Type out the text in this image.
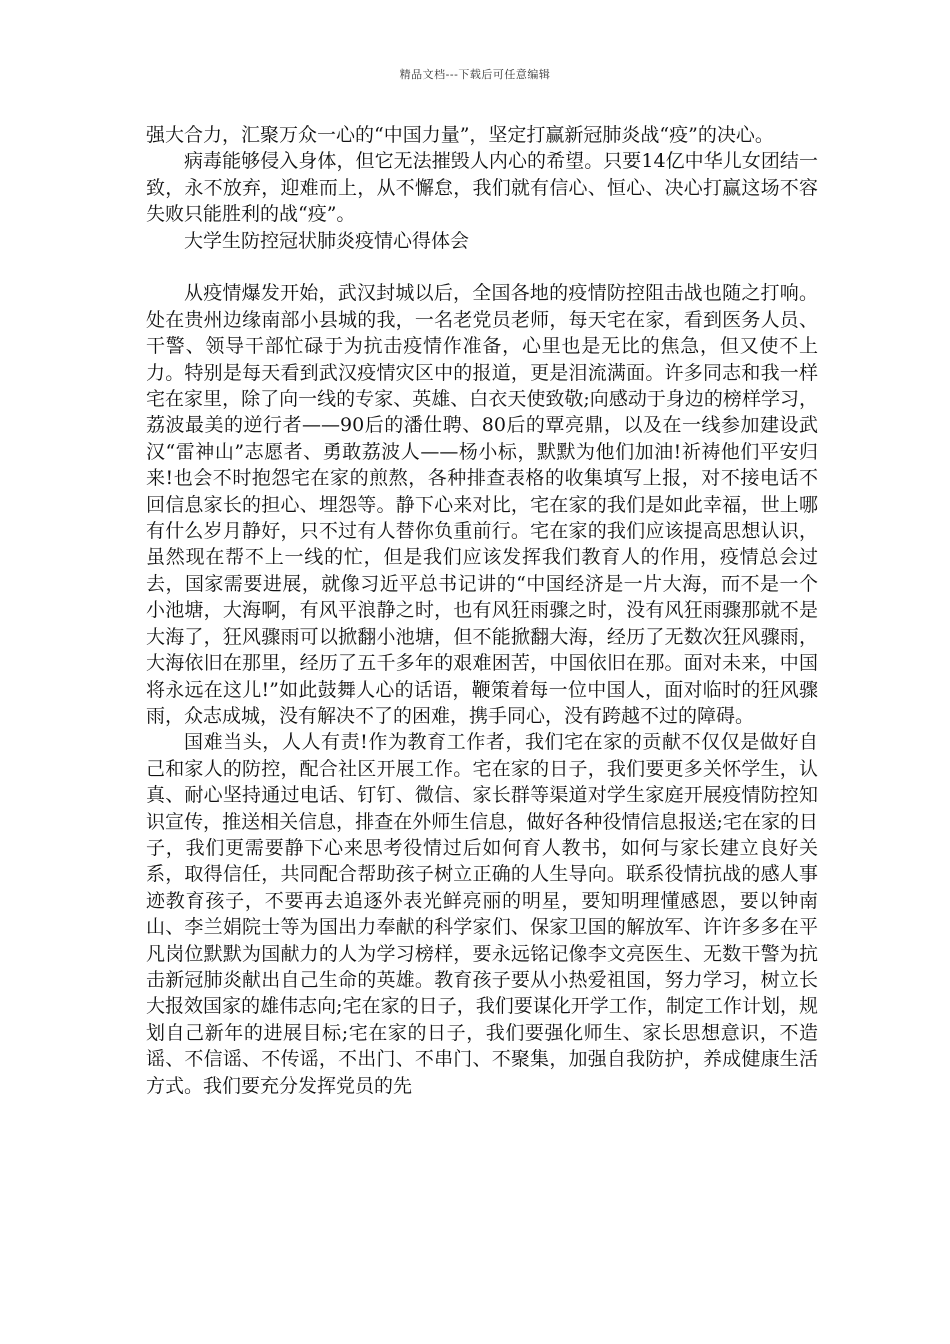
精品文档---下载后可任意编辑

强大合力，汇聚万众一心的“中国力量”，坚定打赢新冠肺炎战“疫”的决心。

病毒能够侵入身体，但它无法摧毁人内心的希望。只要14亿中华儿女团结一致，永不放弃，迎难而上，从不懈怠，我们就有信心、恒心、决心打赢这场不容失败只能胜利的战“疫”。

大学生防控冠状肺炎疫情心得体会

从疫情爆发开始，武汉封城以后，全国各地的疫情防控阻击战也随之打响。处在贵州边缘南部小县城的我，一名老党员老师，每天宅在家，看到医务人员、干警、领导干部忙碌于为抗击疫情作准备，心里也是无比的焦急，但又使不上力。特别是每天看到武汉疫情灾区中的报道，更是泪流满面。许多同志和我一样宅在家里，除了向一线的专家、英雄、白衣天使致敬;向感动于身边的榜样学习，荔波最美的逆行者——90后的潘仕聘、80后的覃亮鼎，以及在一线参加建设武汉“雷神山”志愿者、勇敢荔波人——杨小标，默默为他们加油!祈祷他们平安归来!也会不时抱怨宅在家的煎熬，各种排查表格的收集填写上报，对不接电话不回信息家长的担心、埋怨等。静下心来对比，宅在家的我们是如此幸福，世上哪有什么岁月静好，只不过有人替你负重前行。宅在家的我们应该提高思想认识，虽然现在帮不上一线的忙，但是我们应该发挥我们教育人的作用，疫情总会过去，国家需要进展，就像习近平总书记讲的“中国经济是一片大海，而不是一个小池塘，大海啊，有风平浪静之时，也有风狂雨骤之时，没有风狂雨骤那就不是大海了，狂风骤雨可以掀翻小池塘，但不能掀翻大海，经历了无数次狂风骤雨，大海依旧在那里，经历了五千多年的艰难困苦，中国依旧在那。面对未来，中国将永远在这儿!”如此鼓舞人心的话语，鞭策着每一位中国人，面对临时的狂风骤雨，众志成城，没有解决不了的困难，携手同心，没有跨越不过的障碍。

国难当头，人人有责!作为教育工作者，我们宅在家的贡献不仅仅是做好自己和家人的防控，配合社区开展工作。宅在家的日子，我们要更多关怀学生，认真、耐心坚持通过电话、钉钉、微信、家长群等渠道对学生家庭开展疫情防控知识宣传，推送相关信息，排查在外师生信息，做好各种役情信息报送;宅在家的日子，我们更需要静下心来思考役情过后如何育人教书，如何与家长建立良好关系，取得信任，共同配合帮助孩子树立正确的人生导向。联系役情抗战的感人事迹教育孩子，不要再去追逐外表光鲜亮丽的明星，要知明理懂感恩，要以钟南山、李兰娟院士等为国出力奉献的科学家们、保家卫国的解放军、许许多多在平凡岗位默默为国献力的人为学习榜样，要永远铭记像李文亮医生、无数干警为抗击新冠肺炎献出自己生命的英雄。教育孩子要从小热爱祖国，努力学习，树立长大报效国家的雄伟志向;宅在家的日子，我们要谋化开学工作，制定工作计划，规划自己新年的进展目标;宅在家的日子，我们要强化师生、家长思想意识，不造谣、不信谣、不传谣，不出门、不串门、不聚集，加强自我防护，养成健康生活方式。我们要充分发挥党员的先
